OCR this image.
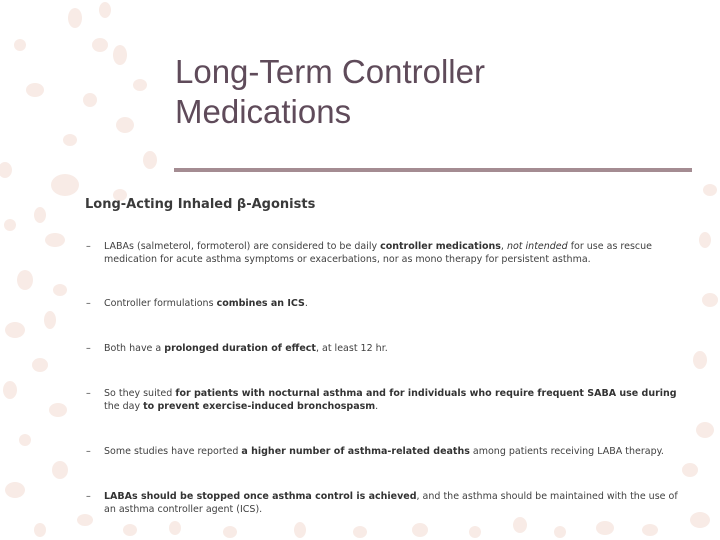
Long-Term Controller
Medications
Long-Acting Inhaled β-Agonists
–	LABAs (salmeterol, formoterol) are considered to be daily controller medications, not intended for use as rescue medication for acute asthma symptoms or exacerbations, nor as mono therapy for persistent asthma.
–	Controller formulations combines an ICS.
–	Both have a prolonged duration of effect, at least 12 hr.
–	So they suited for patients with nocturnal asthma and for individuals who require frequent SABA use during the day to prevent exercise-induced bronchospasm.
–	Some studies have reported a higher number of asthma-related deaths among patients receiving LABA therapy.
–	LABAs should be stopped once asthma control is achieved, and the asthma should be maintained with the use of an asthma controller agent (ICS).
